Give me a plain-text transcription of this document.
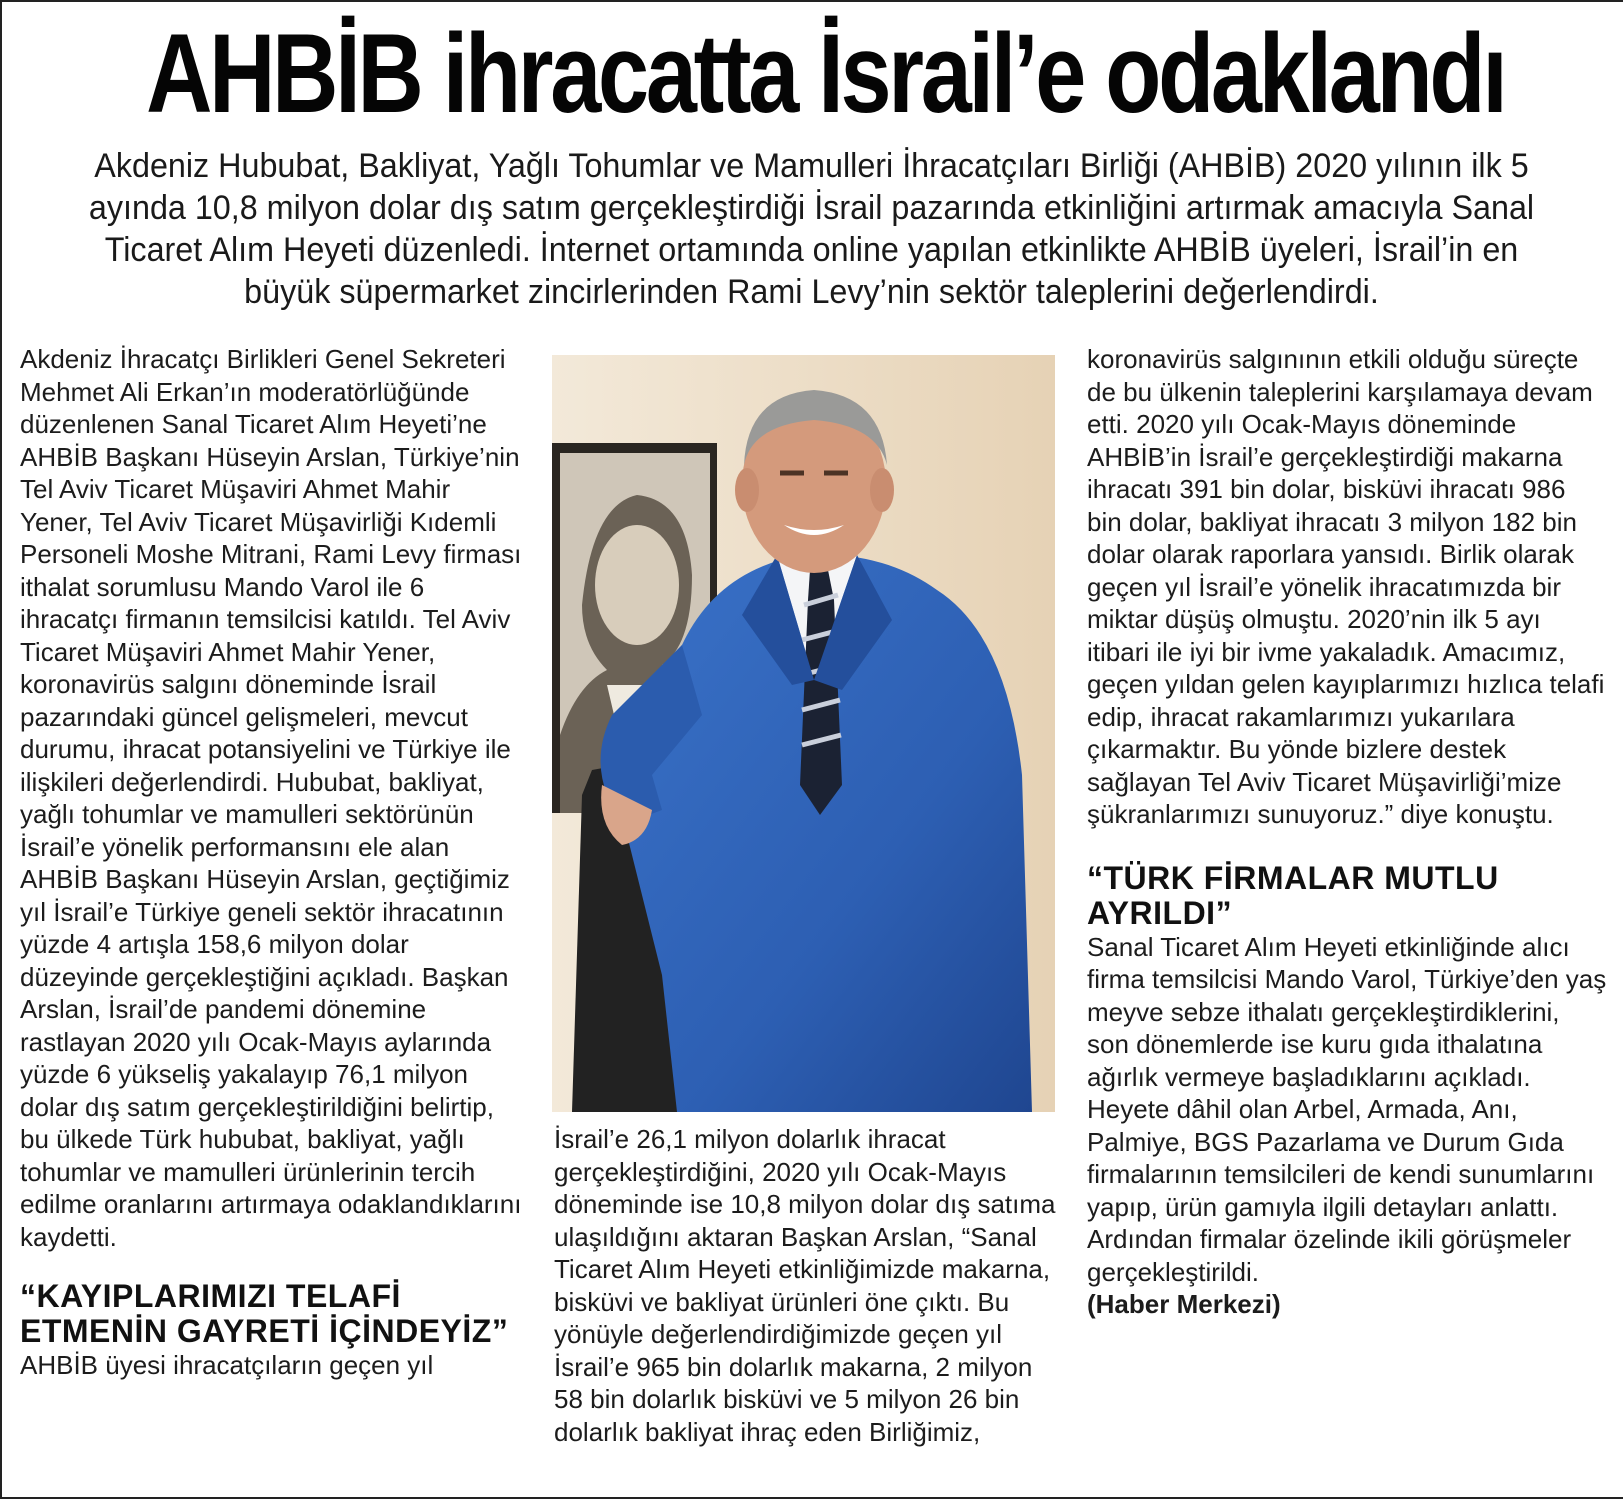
AHBİB ihracatta İsrail’e odaklandı

Akdeniz Hububat, Bakliyat, Yağlı Tohumlar ve Mamulleri İhracatçıları Birliği (AHBİB) 2020 yılının ilk 5 ayında 10,8 milyon dolar dış satım gerçekleştirdiği İsrail pazarında etkinliğini artırmak amacıyla Sanal Ticaret Alım Heyeti düzenledi. İnternet ortamında online yapılan etkinlikte AHBİB üyeleri, İsrail’in en büyük süpermarket zincirlerinden Rami Levy’nin sektör taleplerini değerlendirdi.

Akdeniz İhracatçı Birlikleri Genel Sekreteri Mehmet Ali Erkan’ın moderatörlüğünde düzenlenen Sanal Ticaret Alım Heyeti’ne AHBİB Başkanı Hüseyin Arslan, Türkiye’nin Tel Aviv Ticaret Müşaviri Ahmet Mahir Yener, Tel Aviv Ticaret Müşavirliği Kıdemli Personeli Moshe Mitrani, Rami Levy firması ithalat sorumlusu Mando Varol ile 6 ihracatçı firmanın temsilcisi katıldı. Tel Aviv Ticaret Müşaviri Ahmet Mahir Yener, koronavirüs salgını döneminde İsrail pazarındaki güncel gelişmeleri, mevcut durumu, ihracat potansiyelini ve Türkiye ile ilişkileri değerlendirdi. Hububat, bakliyat, yağlı tohumlar ve mamulleri sektörünün İsrail’e yönelik performansını ele alan AHBİB Başkanı Hüseyin Arslan, geçtiğimiz yıl İsrail’e Türkiye geneli sektör ihracatının yüzde 4 artışla 158,6 milyon dolar düzeyinde gerçekleştiğini açıkladı. Başkan Arslan, İsrail’de pandemi dönemine rastlayan 2020 yılı Ocak-Mayıs aylarında yüzde 6 yükseliş yakalayıp 76,1 milyon dolar dış satım gerçekleştirildiğini belirtip, bu ülkede Türk hububat, bakliyat, yağlı tohumlar ve mamulleri ürünlerinin tercih edilme oranlarını artırmaya odaklandıklarını kaydetti.

“KAYIPLARIMIZI TELAFİ ETMENİN GAYRETİ İÇİNDEYİZ”

AHBİB üyesi ihracatçıların geçen yıl

İsrail’e 26,1 milyon dolarlık ihracat gerçekleştirdiğini, 2020 yılı Ocak-Mayıs döneminde ise 10,8 milyon dolar dış satıma ulaşıldığını aktaran Başkan Arslan, “Sanal Ticaret Alım Heyeti etkinliğimizde makarna, bisküvi ve bakliyat ürünleri öne çıktı. Bu yönüyle değerlendirdiğimizde geçen yıl İsrail’e 965 bin dolarlık makarna, 2 milyon 58 bin dolarlık bisküvi ve 5 milyon 26 bin dolarlık bakliyat ihraç eden Birliğimiz,

koronavirüs salgınının etkili olduğu süreçte de bu ülkenin taleplerini karşılamaya devam etti. 2020 yılı Ocak-Mayıs döneminde AHBİB’in İsrail’e gerçekleştirdiği makarna ihracatı 391 bin dolar, bisküvi ihracatı 986 bin dolar, bakliyat ihracatı 3 milyon 182 bin dolar olarak raporlara yansıdı. Birlik olarak geçen yıl İsrail’e yönelik ihracatımızda bir miktar düşüş olmuştu. 2020’nin ilk 5 ayı itibari ile iyi bir ivme yakaladık. Amacımız, geçen yıldan gelen kayıplarımızı hızlıca telafi edip, ihracat rakamlarımızı yukarılara çıkarmaktır. Bu yönde bizlere destek sağlayan Tel Aviv Ticaret Müşavirliği’mize şükranlarımızı sunuyoruz.” diye konuştu.

“TÜRK FİRMALAR MUTLU AYRILDI”

Sanal Ticaret Alım Heyeti etkinliğinde alıcı firma temsilcisi Mando Varol, Türkiye’den yaş meyve sebze ithalatı gerçekleştirdiklerini, son dönemlerde ise kuru gıda ithalatına ağırlık vermeye başladıklarını açıkladı.

Heyete dâhil olan Arbel, Armada, Anı, Palmiye, BGS Pazarlama ve Durum Gıda firmalarının temsilcileri de kendi sunumlarını yapıp, ürün gamıyla ilgili detayları anlattı. Ardından firmalar özelinde ikili görüşmeler gerçekleştirildi.

(Haber Merkezi)
